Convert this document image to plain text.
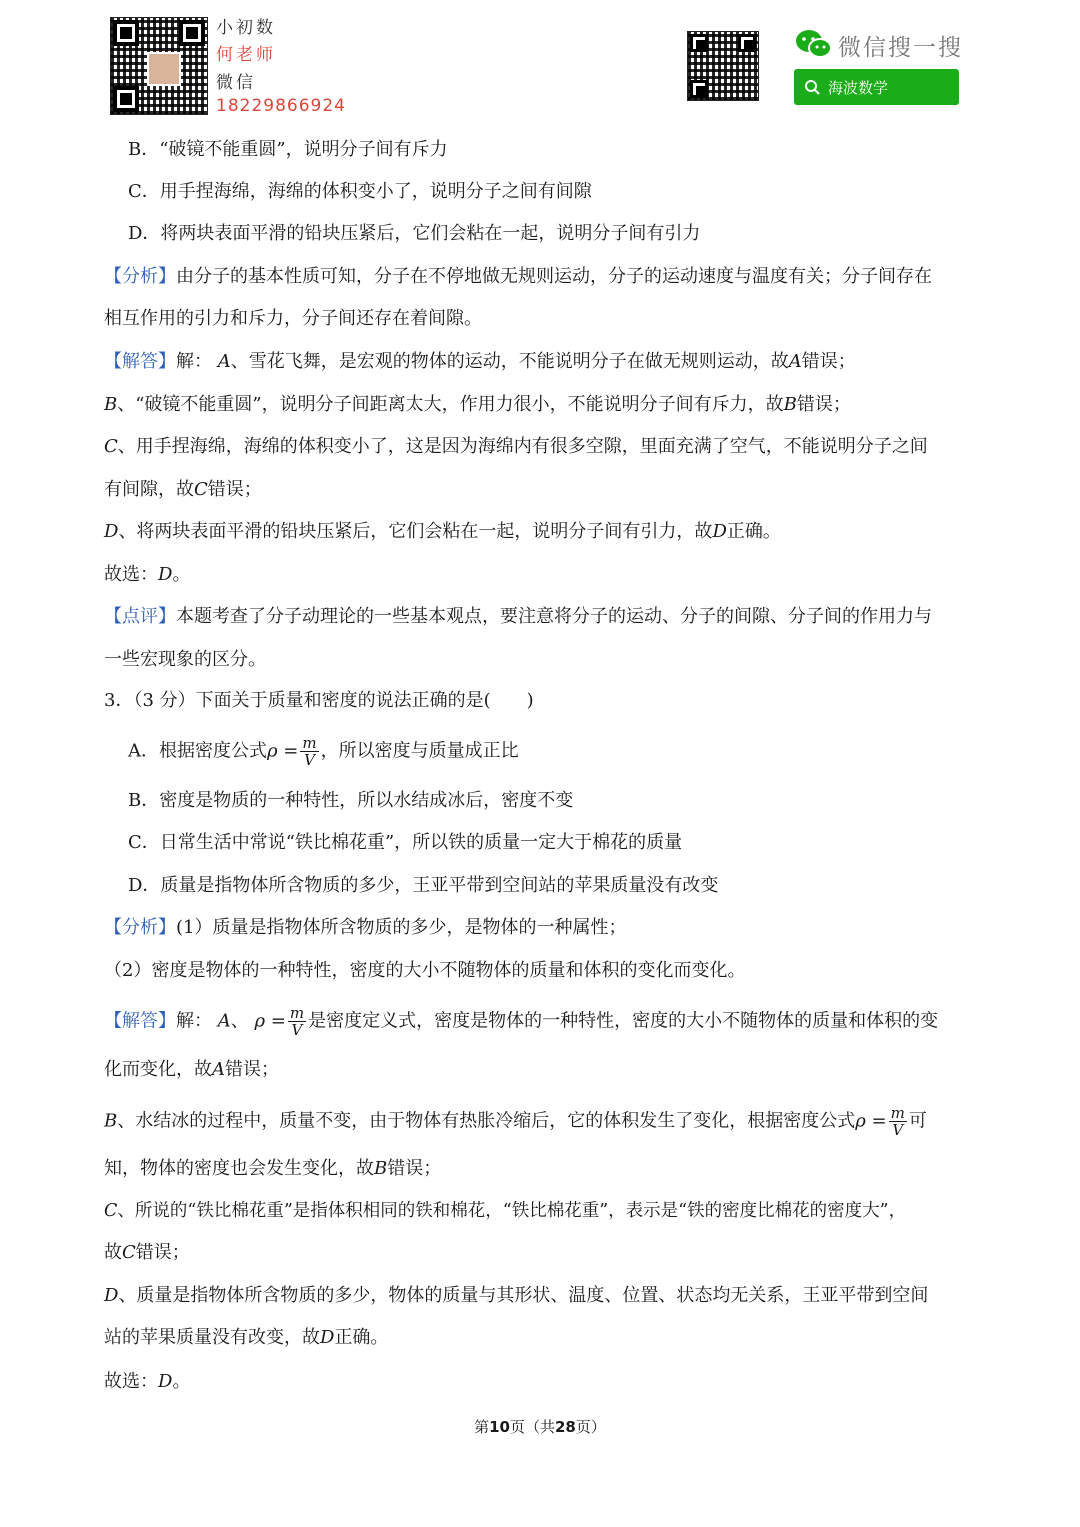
小初数
何老师
微信
18229866924
微信搜一搜
海波数学
B．“破镜不能重圆”，说明分子间有斥力
C．用手捏海绵，海绵的体积变小了，说明分子之间有间隙
D．将两块表面平滑的铅块压紧后，它们会粘在一起，说明分子间有引力
【分析】由分子的基本性质可知，分子在不停地做无规则运动，分子的运动速度与温度有关；分子间存在
相互作用的引力和斥力，分子间还存在着间隙。
【解答】解： A、雪花飞舞，是宏观的物体的运动，不能说明分子在做无规则运动，故A错误；
B、“破镜不能重圆”，说明分子间距离太大，作用力很小，不能说明分子间有斥力，故B错误；
C、用手捏海绵，海绵的体积变小了，这是因为海绵内有很多空隙，里面充满了空气，不能说明分子之间
有间隙，故C错误；
D、将两块表面平滑的铅块压紧后，它们会粘在一起，说明分子间有引力，故D正确。
故选：D。
【点评】本题考查了分子动理论的一些基本观点，要注意将分子的运动、分子的间隙、分子间的作用力与
一些宏现象的区分。
3．（3 分）下面关于质量和密度的说法正确的是(　　)
A．根据密度公式$\rho = \frac{m}{V}$ ，所以密度与质量成正比
B．密度是物质的一种特性，所以水结成冰后，密度不变
C．日常生活中常说“铁比棉花重”，所以铁的质量一定大于棉花的质量
D．质量是指物体所含物质的多少，王亚平带到空间站的苹果质量没有改变
【分析】(1）质量是指物体所含物质的多少，是物体的一种属性；
（2）密度是物体的一种特性，密度的大小不随物体的质量和体积的变化而变化。
【解答】解： A、 $\rho = \frac{m}{V}$ 是密度定义式，密度是物体的一种特性，密度的大小不随物体的质量和体积的变
化而变化，故A错误；
B、水结冰的过程中，质量不变，由于物体有热胀冷缩后，它的体积发生了变化，根据密度公式$\rho = \frac{m}{V}$ 可
知，物体的密度也会发生变化，故B错误；
C、所说的“铁比棉花重”是指体积相同的铁和棉花，“铁比棉花重”，表示是“铁的密度比棉花的密度大”，
故C错误；
D、质量是指物体所含物质的多少，物体的质量与其形状、温度、位置、状态均无关系，王亚平带到空间
站的苹果质量没有改变，故D正确。
故选：D。
第10页（共28页）
